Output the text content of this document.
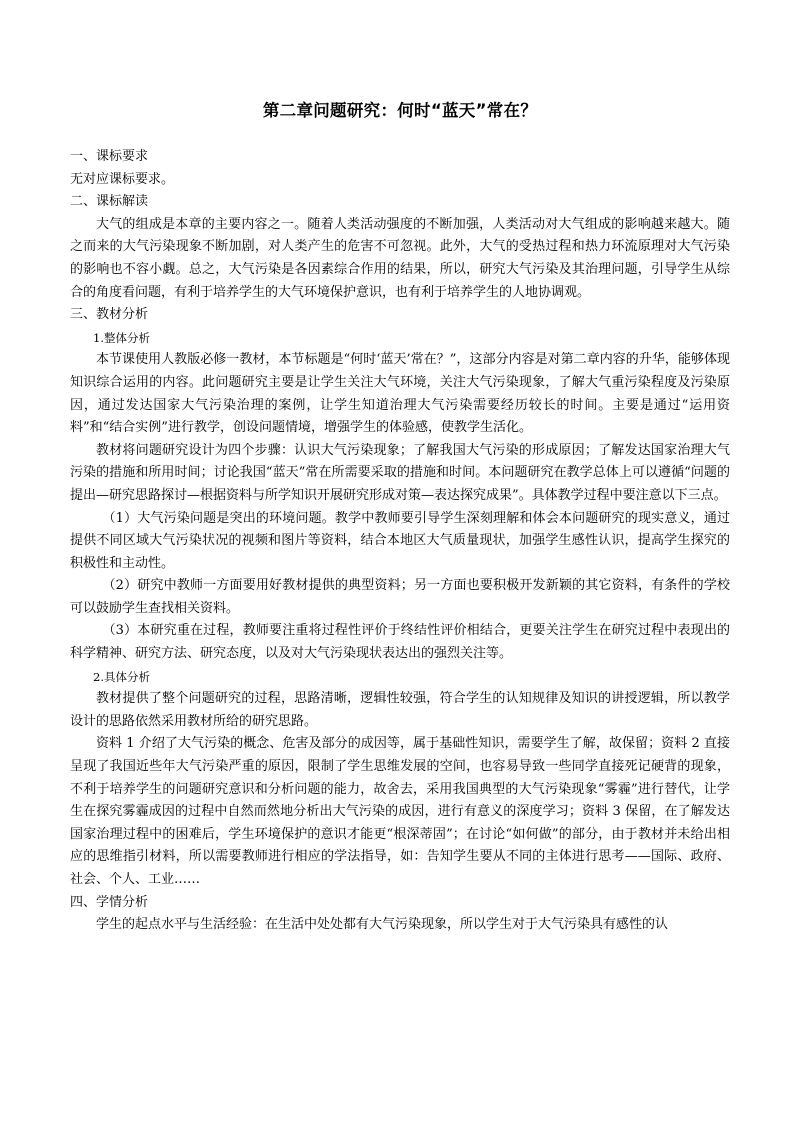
第二章问题研究：何时“蓝天”常在？

一、课标要求

无对应课标要求。

二、课标解读

大气的组成是本章的主要内容之一。随着人类活动强度的不断加强，人类活动对大气组成的影响越来越大。随之而来的大气污染现象不断加剧，对人类产生的危害不可忽视。此外，大气的受热过程和热力环流原理对大气污染的影响也不容小觑。总之，大气污染是各因素综合作用的结果，所以，研究大气污染及其治理问题，引导学生从综合的角度看问题，有利于培养学生的大气环境保护意识，也有利于培养学生的人地协调观。

三、教材分析

1.整体分析

本节课使用人教版必修一教材，本节标题是“何时‘蓝天’常在？”，这部分内容是对第二章内容的升华，能够体现知识综合运用的内容。此问题研究主要是让学生关注大气环境，关注大气污染现象，了解大气重污染程度及污染原因，通过发达国家大气污染治理的案例，让学生知道治理大气污染需要经历较长的时间。主要是通过“运用资料”和“结合实例”进行教学，创设问题情境，增强学生的体验感，使教学生活化。

教材将问题研究设计为四个步骤：认识大气污染现象；了解我国大气污染的形成原因；了解发达国家治理大气污染的措施和所用时间；讨论我国“蓝天”常在所需要采取的措施和时间。本问题研究在教学总体上可以遵循“问题的提出—研究思路探讨—根据资料与所学知识开展研究形成对策—表达探究成果”。具体教学过程中要注意以下三点。

（1）大气污染问题是突出的环境问题。教学中教师要引导学生深刻理解和体会本问题研究的现实意义，通过提供不同区域大气污染状况的视频和图片等资料，结合本地区大气质量现状，加强学生感性认识，提高学生探究的积极性和主动性。

（2）研究中教师一方面要用好教材提供的典型资料；另一方面也要积极开发新颖的其它资料，有条件的学校可以鼓励学生查找相关资料。

（3）本研究重在过程，教师要注重将过程性评价于终结性评价相结合，更要关注学生在研究过程中表现出的科学精神、研究方法、研究态度，以及对大气污染现状表达出的强烈关注等。

2.具体分析

教材提供了整个问题研究的过程，思路清晰，逻辑性较强，符合学生的认知规律及知识的讲授逻辑，所以教学设计的思路依然采用教材所给的研究思路。

资料 1 介绍了大气污染的概念、危害及部分的成因等，属于基础性知识，需要学生了解，故保留；资料 2 直接呈现了我国近些年大气污染严重的原因，限制了学生思维发展的空间，也容易导致一些同学直接死记硬背的现象，不利于培养学生的问题研究意识和分析问题的能力，故舍去，采用我国典型的大气污染现象“雾霾”进行替代，让学生在探究雾霾成因的过程中自然而然地分析出大气污染的成因，进行有意义的深度学习；资料 3 保留，在了解发达国家治理过程中的困难后，学生环境保护的意识才能更“根深蒂固”；在讨论“如何做”的部分，由于教材并未给出相应的思维指引材料，所以需要教师进行相应的学法指导，如：告知学生要从不同的主体进行思考——国际、政府、社会、个人、工业……

四、学情分析

学生的起点水平与生活经验：在生活中处处都有大气污染现象，所以学生对于大气污染具有感性的认
